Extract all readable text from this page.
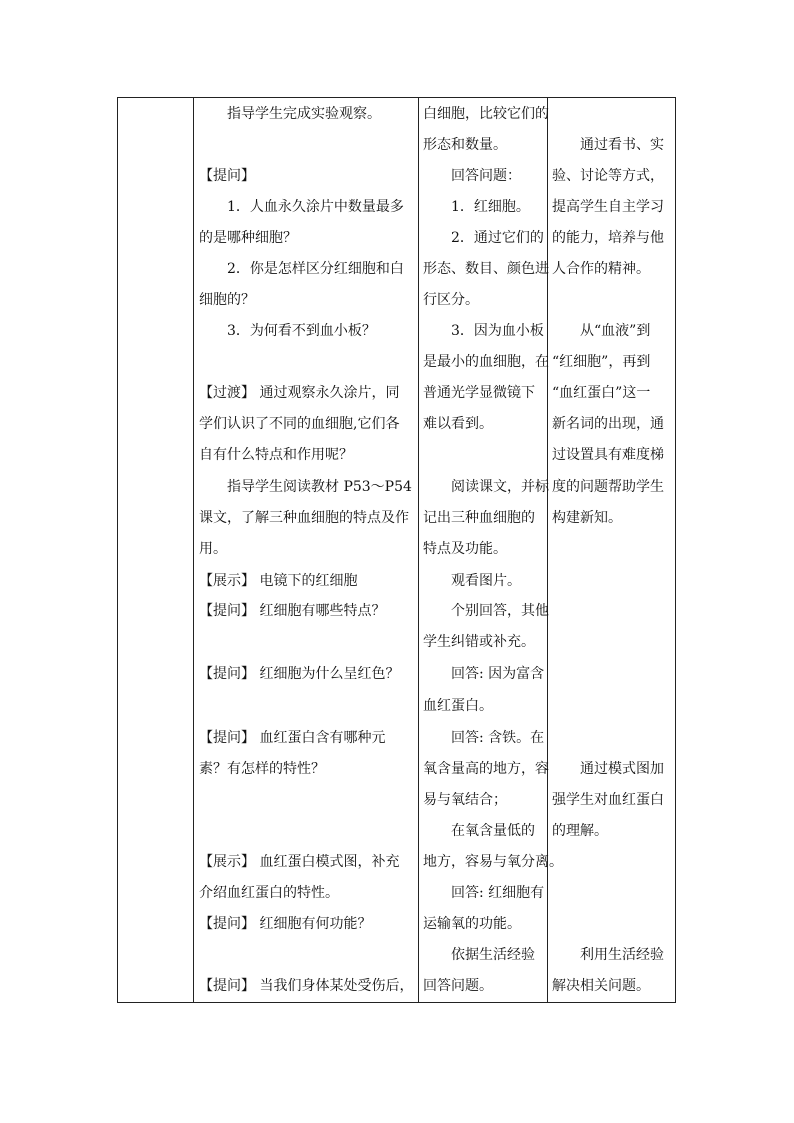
指导学生完成实验观察。
【提问】
1．人血永久涂片中数量最多
的是哪种细胞？
2．你是怎样区分红细胞和白
细胞的？
3．为何看不到血小板？
【过渡】 通过观察永久涂片，同
学们认识了不同的血细胞,它们各
自有什么特点和作用呢？
指导学生阅读教材 P53～P54
课文，了解三种血细胞的特点及作
用。
【展示】 电镜下的红细胞
【提问】 红细胞有哪些特点？
【提问】 红细胞为什么呈红色？
【提问】 血红蛋白含有哪种元
素？有怎样的特性？
【展示】 血红蛋白模式图，补充
介绍血红蛋白的特性。
【提问】 红细胞有何功能？
【提问】 当我们身体某处受伤后，
白细胞，比较它们的
形态和数量。
回答问题：
1．红细胞。
2．通过它们的
形态、数目、颜色进
行区分。
3．因为血小板
是最小的血细胞，在
普通光学显微镜下
难以看到。
阅读课文，并标
记出三种血细胞的
特点及功能。
观看图片。
个别回答，其他
学生纠错或补充。
回答: 因为富含
血红蛋白。
回答: 含铁。在
氧含量高的地方，容
易与氧结合；
在氧含量低的
地方，容易与氧分离。
回答: 红细胞有
运输氧的功能。
依据生活经验
回答问题。
通过看书、实
验、讨论等方式，
提高学生自主学习
的能力，培养与他
人合作的精神。
从“血液”到
“红细胞”，再到
“血红蛋白”这一
新名词的出现，通
过设置具有难度梯
度的问题帮助学生
构建新知。
通过模式图加
强学生对血红蛋白
的理解。
利用生活经验
解决相关问题。
